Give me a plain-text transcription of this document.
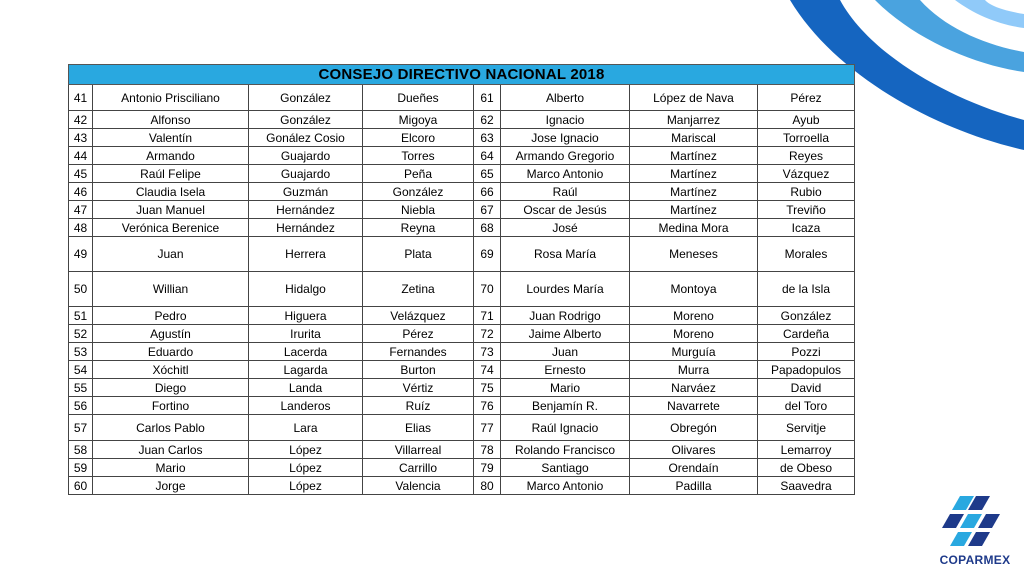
CONSEJO DIRECTIVO NACIONAL 2018							
41	Antonio Prisciliano	González	Dueñes	61	Alberto	López de Nava	Pérez
42	Alfonso	González	Migoya	62	Ignacio	Manjarrez	Ayub
43	Valentín	Gonález Cosio	Elcoro	63	Jose Ignacio	Mariscal	Torroella
44	Armando	Guajardo	Torres	64	Armando Gregorio	Martínez	Reyes
45	Raúl Felipe	Guajardo	Peña	65	Marco Antonio	Martínez	Vázquez
46	Claudia Isela	Guzmán	González	66	Raúl	Martínez	Rubio
47	Juan Manuel	Hernández	Niebla	67	Oscar de Jesús	Martínez	Treviño
48	Verónica Berenice	Hernández	Reyna	68	José	Medina Mora	Icaza
49	Juan	Herrera	Plata	69	Rosa María	Meneses	Morales
50	Willian	Hidalgo	Zetina	70	Lourdes María	Montoya	de la Isla
51	Pedro	Higuera	Velázquez	71	Juan Rodrigo	Moreno	González
52	Agustín	Irurita	Pérez	72	Jaime Alberto	Moreno	Cardeña
53	Eduardo	Lacerda	Fernandes	73	Juan	Murguía	Pozzi
54	Xóchitl	Lagarda	Burton	74	Ernesto	Murra	Papadopulos
55	Diego	Landa	Vértiz	75	Mario	Narváez	David
56	Fortino	Landeros	Ruíz	76	Benjamín R.	Navarrete	del Toro
57	Carlos Pablo	Lara	Elias	77	Raúl Ignacio	Obregón	Servitje
58	Juan Carlos	López	Villarreal	78	Rolando Francisco	Olivares	Lemarroy
59	Mario	López	Carrillo	79	Santiago	Orendaín	de Obeso
60	Jorge	López	Valencia	80	Marco Antonio	Padilla	Saavedra
COPARMEX
